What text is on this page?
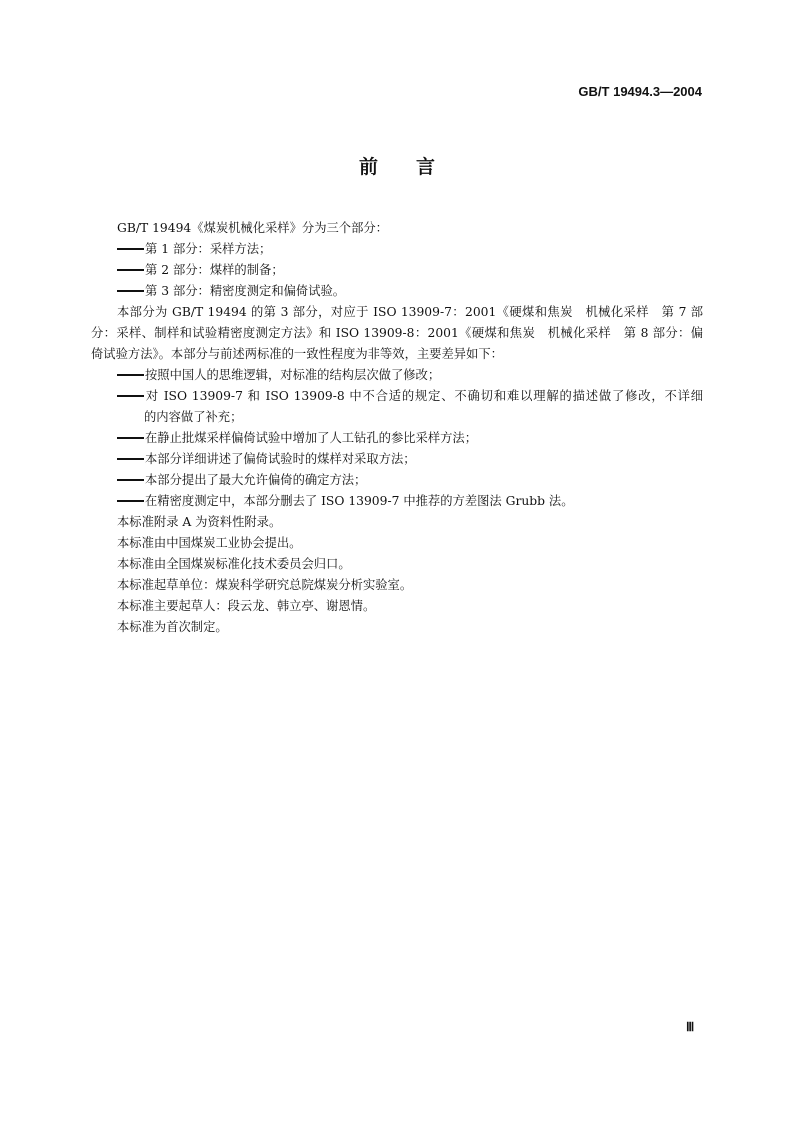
GB/T 19494.3—2004
前言
GB/T 19494《煤炭机械化采样》分为三个部分：
第 1 部分：采样方法；
第 2 部分：煤样的制备；
第 3 部分：精密度测定和偏倚试验。
本部分为 GB/T 19494 的第 3 部分，对应于 ISO 13909-7：2001《硬煤和焦炭　机械化采样　第 7 部
分：采样、制样和试验精密度测定方法》和 ISO 13909-8：2001《硬煤和焦炭　机械化采样　第 8 部分：偏
倚试验方法》。本部分与前述两标准的一致性程度为非等效，主要差异如下：
按照中国人的思维逻辑，对标准的结构层次做了修改；
对 ISO 13909-7 和 ISO 13909-8 中不合适的规定、不确切和难以理解的描述做了修改，不详细
的内容做了补充；
在静止批煤采样偏倚试验中增加了人工钻孔的参比采样方法；
本部分详细讲述了偏倚试验时的煤样对采取方法；
本部分提出了最大允许偏倚的确定方法；
在精密度测定中，本部分删去了 ISO 13909-7 中推荐的方差图法 Grubb 法。
本标准附录 A 为资料性附录。
本标准由中国煤炭工业协会提出。
本标准由全国煤炭标准化技术委员会归口。
本标准起草单位：煤炭科学研究总院煤炭分析实验室。
本标准主要起草人：段云龙、韩立亭、谢恩情。
本标准为首次制定。
Ⅲ
